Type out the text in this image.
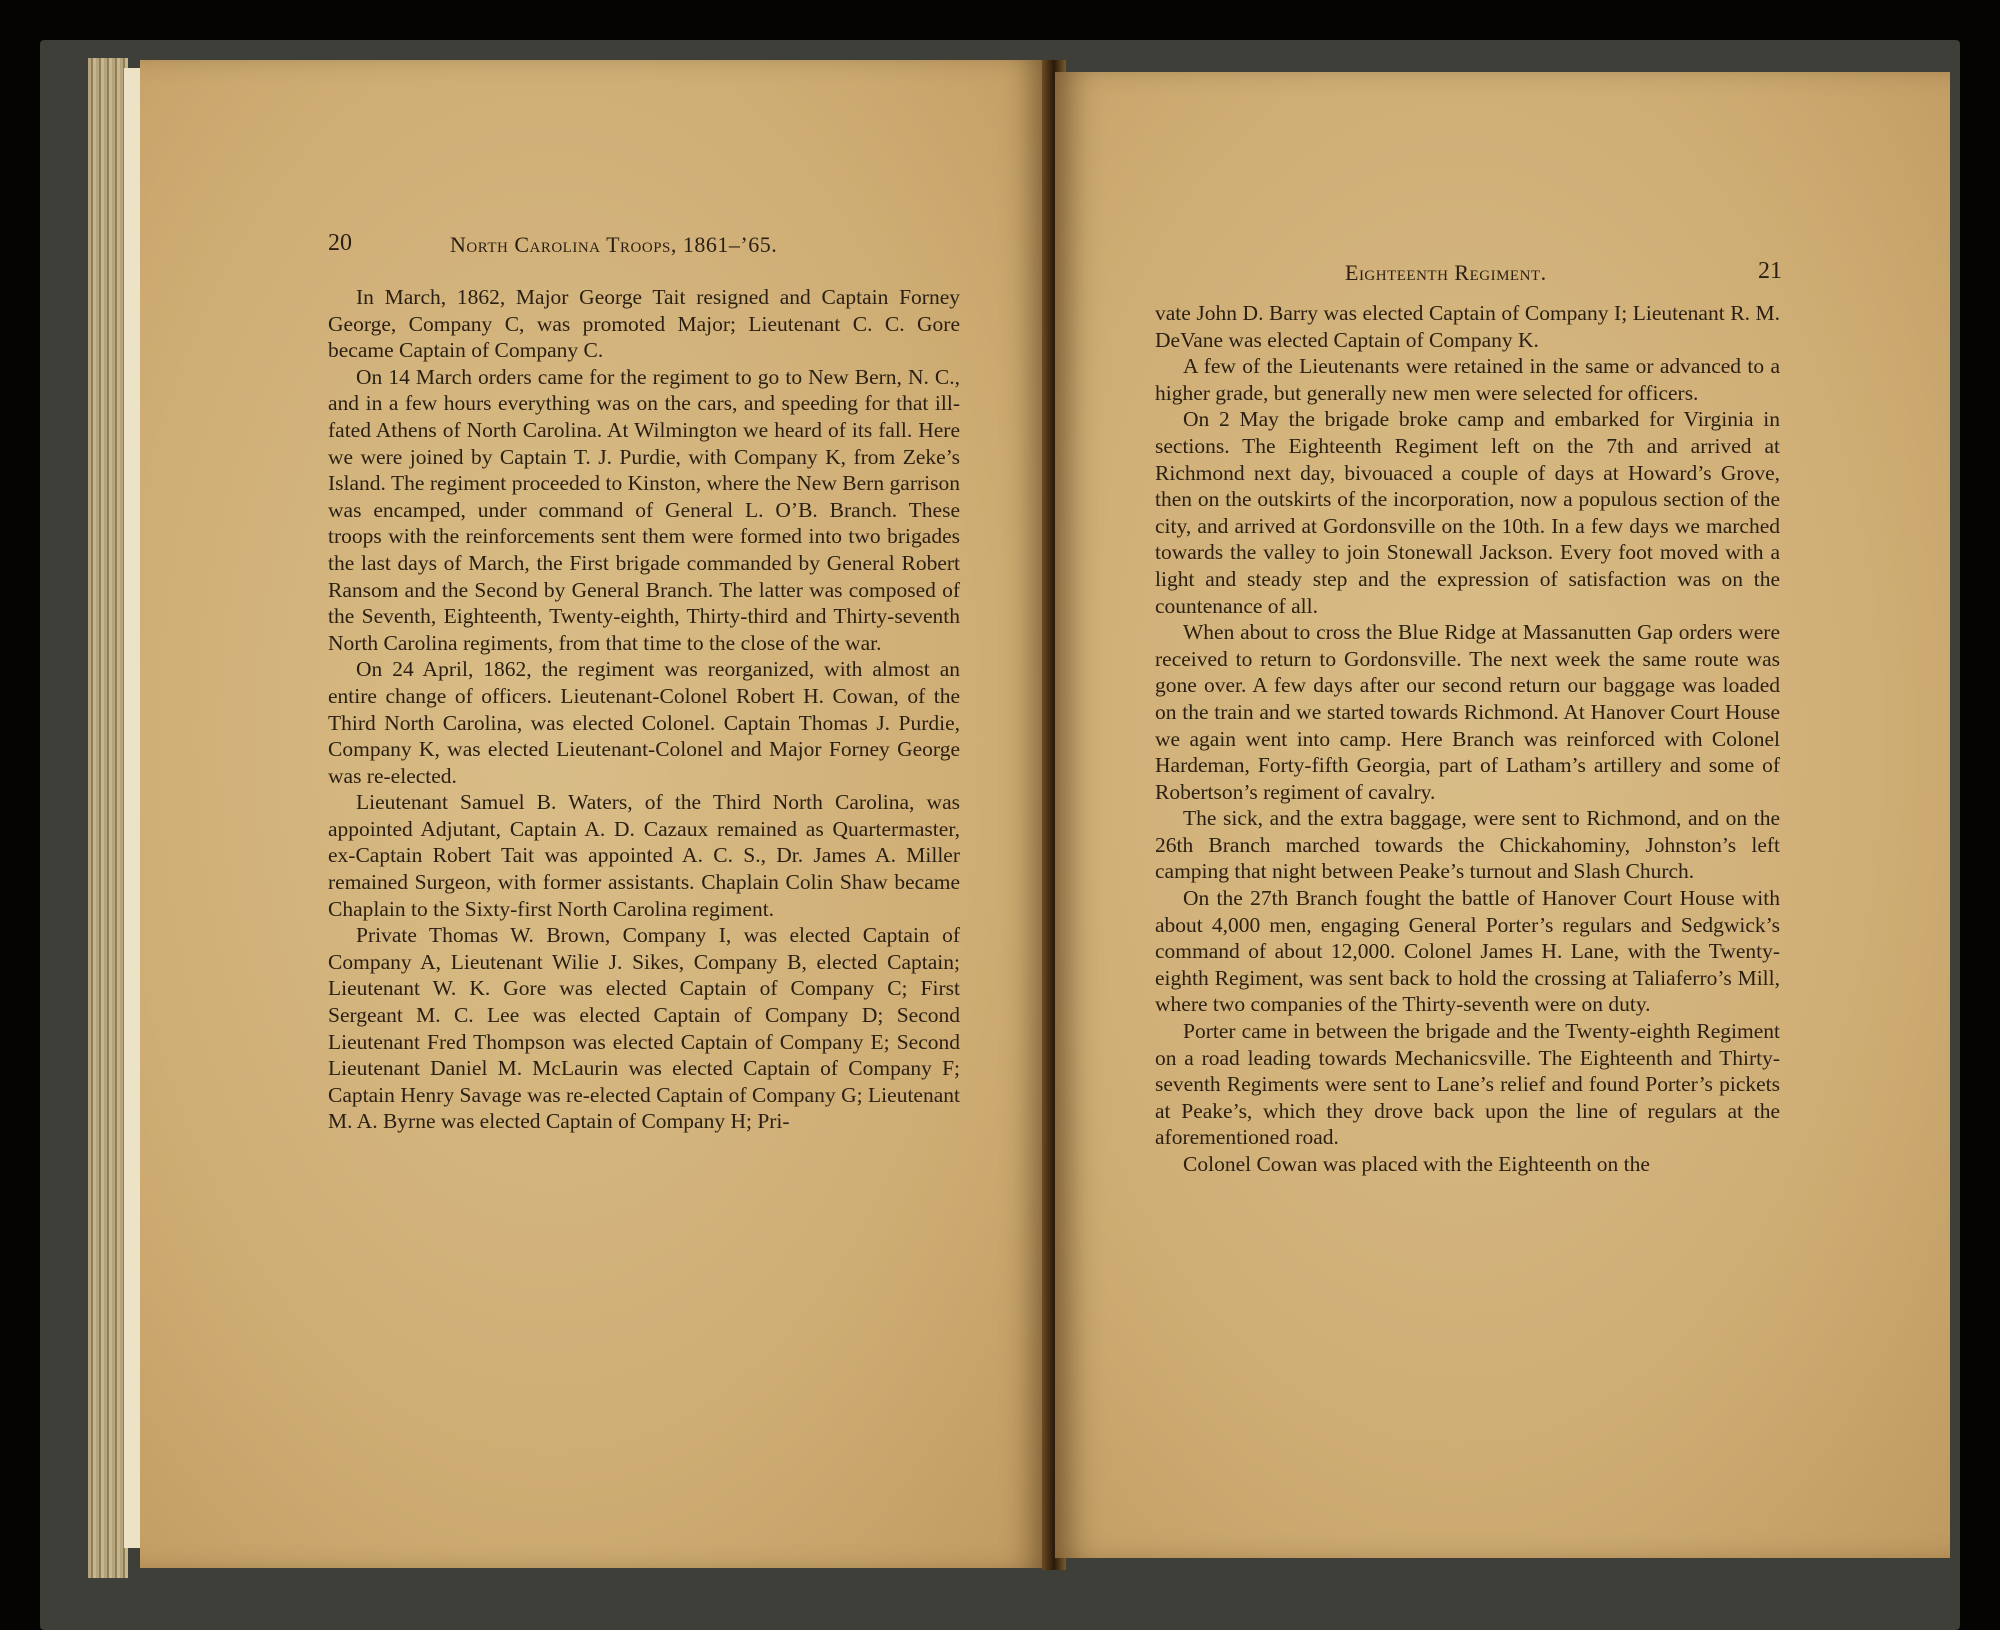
20	North Carolina Troops, 1861–’65.

In March, 1862, Major George Tait resigned and Captain Forney George, Company C, was promoted Major; Lieutenant C. C. Gore became Captain of Company C.

On 14 March orders came for the regiment to go to New Bern, N. C., and in a few hours everything was on the cars, and speeding for that ill-fated Athens of North Carolina. At Wilmington we heard of its fall. Here we were joined by Captain T. J. Purdie, with Company K, from Zeke’s Island. The regiment proceeded to Kinston, where the New Bern garrison was encamped, under command of General L. O’B. Branch. These troops with the reinforcements sent them were formed into two brigades the last days of March, the First brigade commanded by General Robert Ransom and the Second by General Branch. The latter was composed of the Seventh, Eighteenth, Twenty-eighth, Thirty-third and Thirty-seventh North Carolina regiments, from that time to the close of the war.

On 24 April, 1862, the regiment was reorganized, with almost an entire change of officers. Lieutenant-Colonel Robert H. Cowan, of the Third North Carolina, was elected Colonel. Captain Thomas J. Purdie, Company K, was elected Lieutenant-Colonel and Major Forney George was re-elected.

Lieutenant Samuel B. Waters, of the Third North Carolina, was appointed Adjutant, Captain A. D. Cazaux remained as Quartermaster, ex-Captain Robert Tait was appointed A. C. S., Dr. James A. Miller remained Surgeon, with former assistants. Chaplain Colin Shaw became Chaplain to the Sixty-first North Carolina regiment.

Private Thomas W. Brown, Company I, was elected Captain of Company A, Lieutenant Wilie J. Sikes, Company B, elected Captain; Lieutenant W. K. Gore was elected Captain of Company C; First Sergeant M. C. Lee was elected Captain of Company D; Second Lieutenant Fred Thompson was elected Captain of Company E; Second Lieutenant Daniel M. McLaurin was elected Captain of Company F; Captain Henry Savage was re-elected Captain of Company G; Lieutenant M. A. Byrne was elected Captain of Company H; Pri-

Eighteenth Regiment.	21

vate John D. Barry was elected Captain of Company I; Lieutenant R. M. DeVane was elected Captain of Company K.

A few of the Lieutenants were retained in the same or advanced to a higher grade, but generally new men were selected for officers.

On 2 May the brigade broke camp and embarked for Virginia in sections. The Eighteenth Regiment left on the 7th and arrived at Richmond next day, bivouaced a couple of days at Howard’s Grove, then on the outskirts of the incorporation, now a populous section of the city, and arrived at Gordonsville on the 10th. In a few days we marched towards the valley to join Stonewall Jackson. Every foot moved with a light and steady step and the expression of satisfaction was on the countenance of all.

When about to cross the Blue Ridge at Massanutten Gap orders were received to return to Gordonsville. The next week the same route was gone over. A few days after our second return our baggage was loaded on the train and we started towards Richmond. At Hanover Court House we again went into camp. Here Branch was reinforced with Colonel Hardeman, Forty-fifth Georgia, part of Latham’s artillery and some of Robertson’s regiment of cavalry.

The sick, and the extra baggage, were sent to Richmond, and on the 26th Branch marched towards the Chickahominy, Johnston’s left camping that night between Peake’s turnout and Slash Church.

On the 27th Branch fought the battle of Hanover Court House with about 4,000 men, engaging General Porter’s regulars and Sedgwick’s command of about 12,000. Colonel James H. Lane, with the Twenty-eighth Regiment, was sent back to hold the crossing at Taliaferro’s Mill, where two companies of the Thirty-seventh were on duty.

Porter came in between the brigade and the Twenty-eighth Regiment on a road leading towards Mechanicsville. The Eighteenth and Thirty-seventh Regiments were sent to Lane’s relief and found Porter’s pickets at Peake’s, which they drove back upon the line of regulars at the aforementioned road.

Colonel Cowan was placed with the Eighteenth on the
